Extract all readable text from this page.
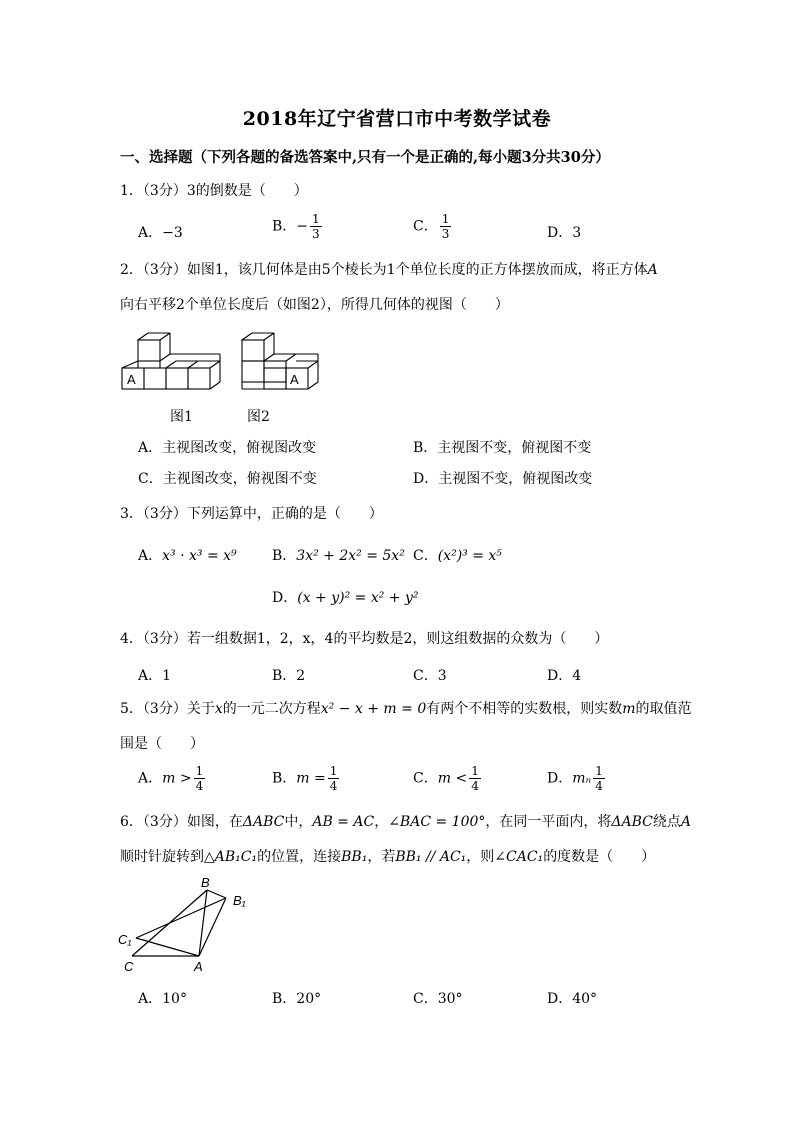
2018年辽宁省营口市中考数学试卷
一、选择题（下列各题的备选答案中,只有一个是正确的,每小题3分共30分）
1．（3分）3的倒数是（ ）
A．−3	B．− $\frac{1}{3}$	C． $\frac{1}{3}$	D．3
2．（3分）如图1，该几何体是由5个棱长为1个单位长度的正方体摆放而成，将正方体A
向右平移2个单位长度后（如图2），所得几何体的视图（ ）
A	A
图1	图2
A．主视图改变，俯视图改变	B．主视图不变，俯视图不变
C．主视图改变，俯视图不变	D．主视图不变，俯视图改变
3．（3分）下列运算中，正确的是（ ）
A．x³ · x³ = x⁹	B．3x² + 2x² = 5x² C．(x²)³ = x⁵
D．(x + y)² = x² + y²
4．（3分）若一组数据1，2，x，4的平均数是2，则这组数据的众数为（ ）
A．1	B．2	C．3	D．4
5．（3分）关于x的一元二次方程x² − x + m = 0有两个不相等的实数根，则实数m的取值范
围是（ ）
A．$m > \frac{1}{4}$	B．$m = \frac{1}{4}$	C．$m < \frac{1}{4}$	D．mₙ $\frac{1}{4}$
6．（3分）如图，在ΔABC中，AB = AC，∠BAC = 100°，在同一平面内，将ΔABC绕点A
顺时针旋转到△AB₁C₁的位置，连接BB₁，若BB₁ // AC₁，则∠CAC₁的度数是（ ）
B
B₁
C₁
C	A
A．10°	B．20°	C．30°	D．40°
